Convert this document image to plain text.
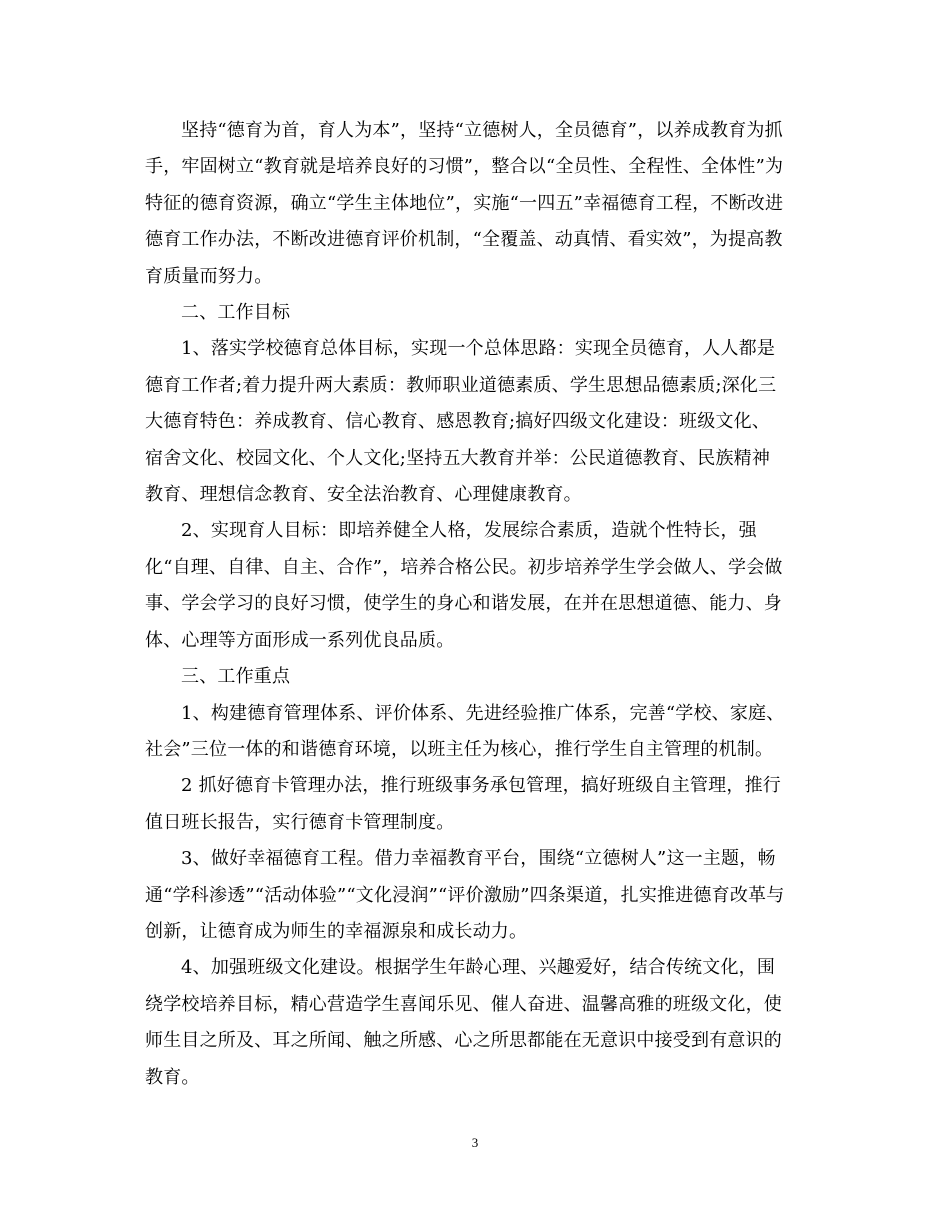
坚持“德育为首，育人为本”，坚持“立德树人，全员德育”，以养成教育为抓
手，牢固树立“教育就是培养良好的习惯”，整合以“全员性、全程性、全体性”为
特征的德育资源，确立“学生主体地位”，实施“一四五”幸福德育工程，不断改进
德育工作办法，不断改进德育评价机制，“全覆盖、动真情、看实效”，为提高教
育质量而努力。

二、工作目标

1、落实学校德育总体目标，实现一个总体思路：实现全员德育，人人都是
德育工作者;着力提升两大素质：教师职业道德素质、学生思想品德素质;深化三
大德育特色：养成教育、信心教育、感恩教育;搞好四级文化建设：班级文化、
宿舍文化、校园文化、个人文化;坚持五大教育并举：公民道德教育、民族精神
教育、理想信念教育、安全法治教育、心理健康教育。

2、实现育人目标：即培养健全人格，发展综合素质，造就个性特长，强
化“自理、自律、自主、合作”，培养合格公民。初步培养学生学会做人、学会做
事、学会学习的良好习惯，使学生的身心和谐发展，在并在思想道德、能力、身
体、心理等方面形成一系列优良品质。

三、工作重点

1、构建德育管理体系、评价体系、先进经验推广体系，完善“学校、家庭、
社会”三位一体的和谐德育环境，以班主任为核心，推行学生自主管理的机制。

2 抓好德育卡管理办法，推行班级事务承包管理，搞好班级自主管理，推行
值日班长报告，实行德育卡管理制度。

3、做好幸福德育工程。借力幸福教育平台，围绕“立德树人”这一主题，畅
通“学科渗透”“活动体验”“文化浸润”“评价激励”四条渠道，扎实推进德育改革与
创新，让德育成为师生的幸福源泉和成长动力。

4、加强班级文化建设。根据学生年龄心理、兴趣爱好，结合传统文化，围
绕学校培养目标，精心营造学生喜闻乐见、催人奋进、温馨高雅的班级文化，使
师生目之所及、耳之所闻、触之所感、心之所思都能在无意识中接受到有意识的
教育。

3
